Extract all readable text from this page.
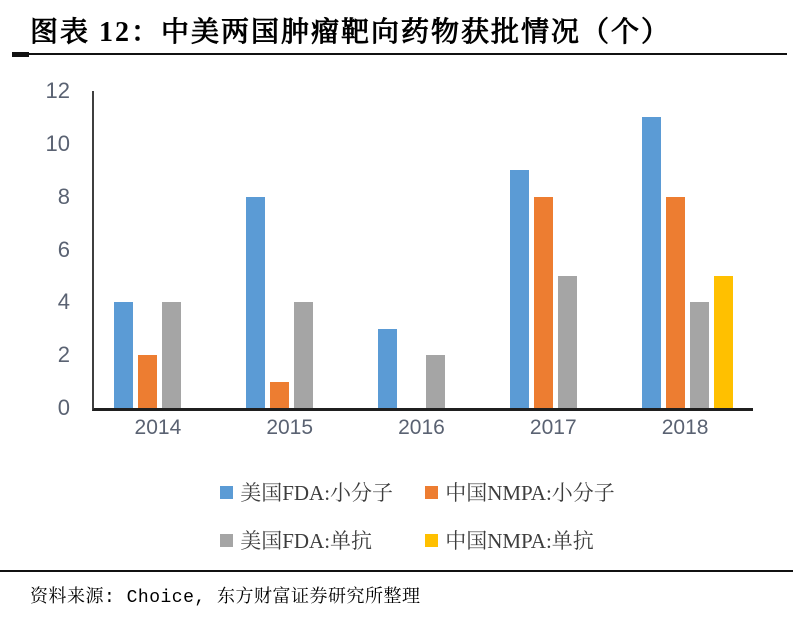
图表 12：中美两国肿瘤靶向药物获批情况（个）
0
2
4
6
8
10
12
2014	2015	2016	2017	2018
美国FDA:小分子 中国NMPA:小分子
美国FDA:单抗	中国NMPA:单抗
资料来源: Choice, 东方财富证券研究所整理
